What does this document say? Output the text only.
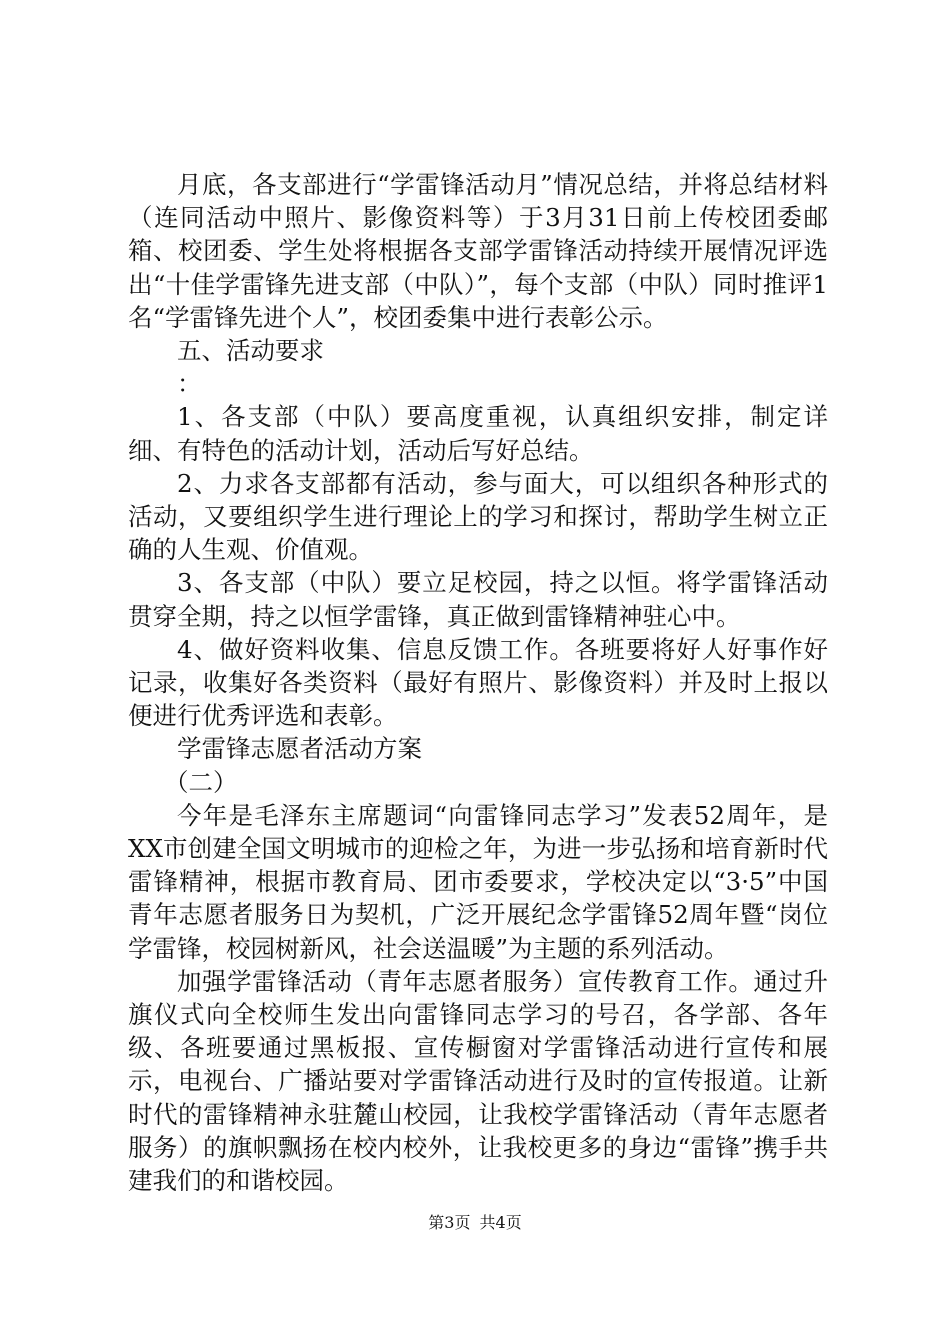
月底，各支部进行“学雷锋活动月”情况总结，并将总结材料（连同活动中照片、影像资料等）于3月31日前上传校团委邮箱、校团委、学生处将根据各支部学雷锋活动持续开展情况评选出“十佳学雷锋先进支部（中队）”，每个支部（中队）同时推评1名“学雷锋先进个人”，校团委集中进行表彰公示。

五、活动要求

：

1、各支部（中队）要高度重视，认真组织安排，制定详细、有特色的活动计划，活动后写好总结。

2、力求各支部都有活动，参与面大，可以组织各种形式的活动，又要组织学生进行理论上的学习和探讨，帮助学生树立正确的人生观、价值观。

3、各支部（中队）要立足校园，持之以恒。将学雷锋活动贯穿全期，持之以恒学雷锋，真正做到雷锋精神驻心中。

4、做好资料收集、信息反馈工作。各班要将好人好事作好记录，收集好各类资料（最好有照片、影像资料）并及时上报以便进行优秀评选和表彰。

学雷锋志愿者活动方案

（二）

今年是毛泽东主席题词“向雷锋同志学习”发表52周年，是XX市创建全国文明城市的迎检之年，为进一步弘扬和培育新时代雷锋精神，根据市教育局、团市委要求，学校决定以“3·5”中国青年志愿者服务日为契机，广泛开展纪念学雷锋52周年暨“岗位学雷锋，校园树新风，社会送温暖”为主题的系列活动。

加强学雷锋活动（青年志愿者服务）宣传教育工作。通过升旗仪式向全校师生发出向雷锋同志学习的号召，各学部、各年级、各班要通过黑板报、宣传橱窗对学雷锋活动进行宣传和展示，电视台、广播站要对学雷锋活动进行及时的宣传报道。让新时代的雷锋精神永驻麓山校园，让我校学雷锋活动（青年志愿者服务）的旗帜飘扬在校内校外，让我校更多的身边“雷锋”携手共建我们的和谐校园。

第3页 共4页
